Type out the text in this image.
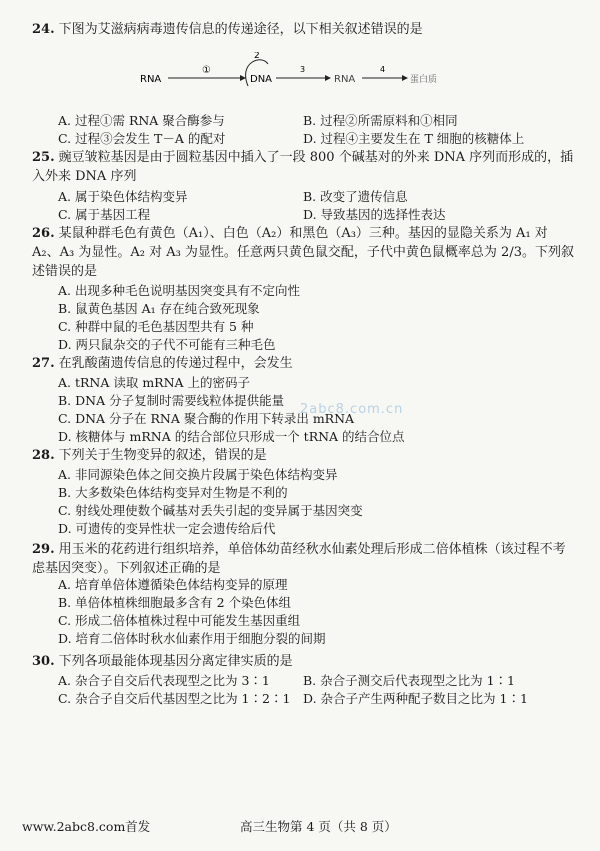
24. 下图为艾滋病病毒遗传信息的传递途径，以下相关叙述错误的是
RNA
①
2
DNA
3
RNA
4
蛋白质
A. 过程①需 RNA 聚合酶参与	B. 过程②所需原料和①相同
C. 过程③会发生 T－A 的配对	D. 过程④主要发生在 T 细胞的核糖体上
25. 豌豆皱粒基因是由于圆粒基因中插入了一段 800 个碱基对的外来 DNA 序列而形成的，插入外来 DNA 序列
A. 属于染色体结构变异	B. 改变了遗传信息
C. 属于基因工程	D. 导致基因的选择性表达
26. 某鼠种群毛色有黄色（A₁）、白色（A₂）和黑色（A₃）三种。基因的显隐关系为 A₁ 对 A₂、A₃ 为显性。A₂ 对 A₃ 为显性。任意两只黄色鼠交配，子代中黄色鼠概率总为 2/3。下列叙述错误的是
A. 出现多种毛色说明基因突变具有不定向性
B. 鼠黄色基因 A₁ 存在纯合致死现象
C. 种群中鼠的毛色基因型共有 5 种
D. 两只鼠杂交的子代不可能有三种毛色
27. 在乳酸菌遗传信息的传递过程中，会发生
A. tRNA 读取 mRNA 上的密码子
B. DNA 分子复制时需要线粒体提供能量
C. DNA 分子在 RNA 聚合酶的作用下转录出 mRNA
D. 核糖体与 mRNA 的结合部位只形成一个 tRNA 的结合位点
2abc8.com.cn
28. 下列关于生物变异的叙述，错误的是
A. 非同源染色体之间交换片段属于染色体结构变异
B. 大多数染色体结构变异对生物是不利的
C. 射线处理使数个碱基对丢失引起的变异属于基因突变
D. 可遗传的变异性状一定会遗传给后代
29. 用玉米的花药进行组织培养，单倍体幼苗经秋水仙素处理后形成二倍体植株（该过程不考虑基因突变）。下列叙述正确的是
A. 培育单倍体遵循染色体结构变异的原理
B. 单倍体植株细胞最多含有 2 个染色体组
C. 形成二倍体植株过程中可能发生基因重组
D. 培育二倍体时秋水仙素作用于细胞分裂的间期
30. 下列各项最能体现基因分离定律实质的是
A. 杂合子自交后代表现型之比为 3∶1	B. 杂合子测交后代表现型之比为 1∶1
C. 杂合子自交后代基因型之比为 1∶2∶1 D. 杂合子产生两种配子数目之比为 1∶1
www.2abc8.com首发	高三生物第 4 页（共 8 页）
